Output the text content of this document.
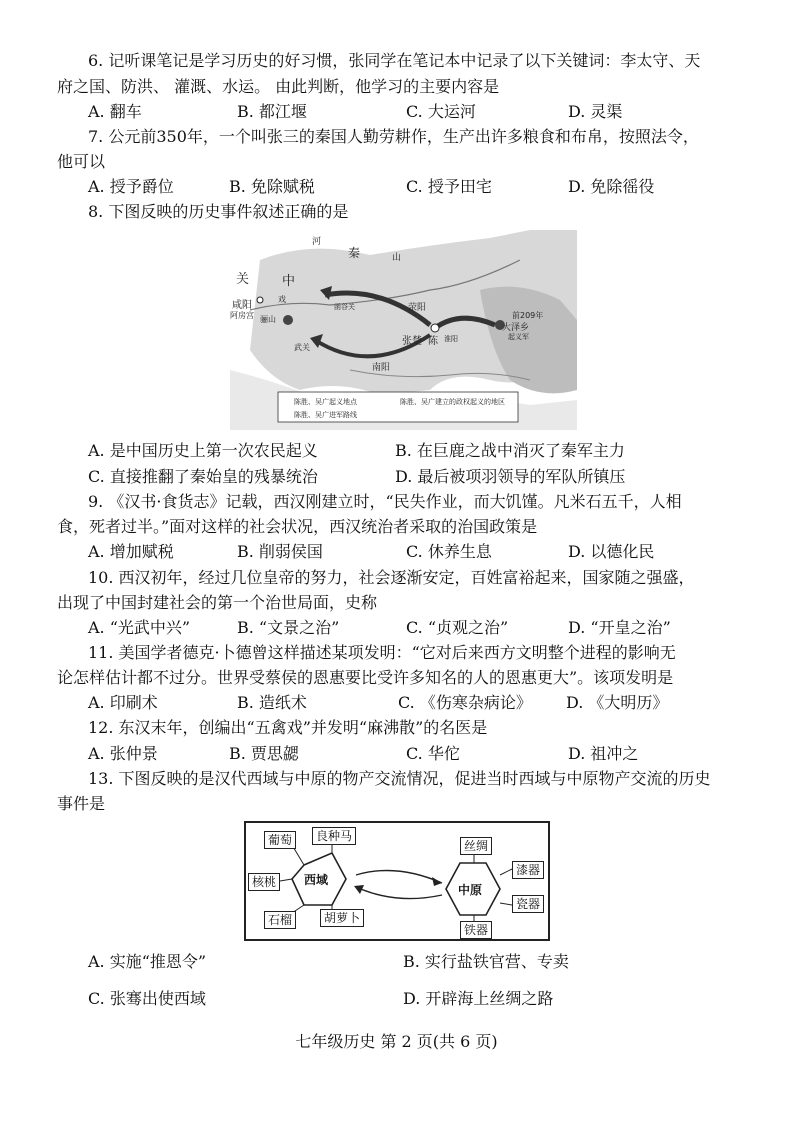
6. 记听课笔记是学习历史的好习惯，张同学在笔记本中记录了以下关键词：李太守、天
府之国、防洪、 灌溉、水运。 由此判断，他学习的主要内容是
A. 翻车	B. 都江堰	C. 大运河	D. 灵渠
7. 公元前350年，一个叫张三的秦国人勤劳耕作，生产出许多粮食和布帛，按照法令，
他可以
A. 授予爵位	B. 免除赋税	C. 授予田宅	D. 免除徭役
8. 下图反映的历史事件叙述正确的是
河
秦	山
关	中
咸阳	荥阳
张楚 陈
大泽乡
南阳
函谷关
戏
骊山
武关
阿房宫
淮阳
前209年
起义军
陈胜、吴广起义地点	陈胜、吴广建立的政权
陈胜、吴广进军路线
起义的地区
A. 是中国历史上第一次农民起义	B. 在巨鹿之战中消灭了秦军主力
C. 直接推翻了秦始皇的残暴统治	D. 最后被项羽领导的军队所镇压
9. 《汉书·食货志》记载，西汉刚建立时，“民失作业，而大饥馑。凡米石五千，人相
食，死者过半。”面对这样的社会状况，西汉统治者采取的治国政策是
A. 增加赋税	B. 削弱侯国	C. 休养生息	D. 以德化民
10. 西汉初年，经过几位皇帝的努力，社会逐渐安定，百姓富裕起来，国家随之强盛，
出现了中国封建社会的第一个治世局面，史称
A. “光武中兴”	B. “文景之治”	C. “贞观之治”	D. “开皇之治”
11. 美国学者德克·卜德曾这样描述某项发明：“它对后来西方文明整个进程的影响无
论怎样估计都不过分。世界受蔡侯的恩惠要比受许多知名的人的恩惠更大”。该项发明是
A. 印刷术	B. 造纸术	C. 《伤寒杂病论》 D. 《大明历》
12. 东汉末年，创编出“五禽戏”并发明“麻沸散”的名医是
A. 张仲景	B. 贾思勰	C. 华佗	D. 祖冲之
13. 下图反映的是汉代西域与中原的物产交流情况，促进当时西域与中原物产交流的历史
事件是
西域
中原
葡萄	良种马
核桃
石榴	胡萝卜
丝绸
漆器
瓷器
铁器
A. 实施“推恩令”	B. 实行盐铁官营、专卖
C. 张骞出使西域	D. 开辟海上丝绸之路
七年级历史 第 2 页(共 6 页)
